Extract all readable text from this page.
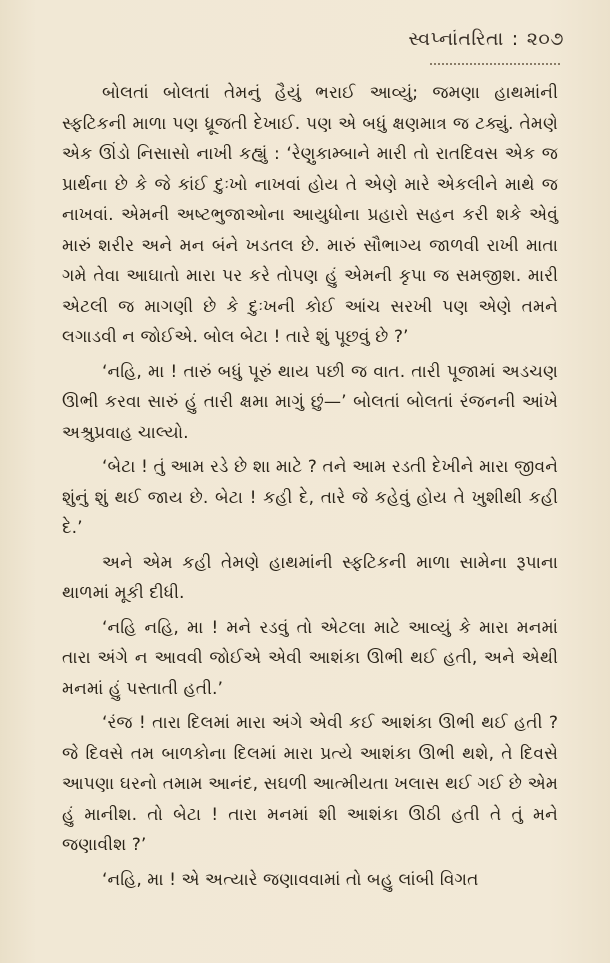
સ્વપ્નાંતરિતા : ૨૦૭

બોલતાં બોલતાં તેમનું હૈયું ભરાઈ આવ્યું; જમણા હાથમાંની સ્ફટિકની માળા પણ ધ્રૂજતી દેખાઈ. પણ એ બધું ક્ષણમાત્ર જ ટક્યું. તેમણે એક ઊંડો નિસાસો નાખી કહ્યું : ‘રેણુકામ્બાને મારી તો રાતદિવસ એક જ પ્રાર્થના છે કે જે કાંઈ દુઃખો નાખવાં હોય તે એણે મારે એકલીને માથે જ નાખવાં. એમની અષ્ટભુજાઓના આયુધોના પ્રહારો સહન કરી શકે એવું મારું શરીર અને મન બંને ખડતલ છે. મારું સૌભાગ્ય જાળવી રાખી માતા ગમે તેવા આઘાતો મારા પર કરે તોપણ હું એમની કૃપા જ સમજીશ. મારી એટલી જ માગણી છે કે દુઃખની કોઈ આંચ સરખી પણ એણે તમને લગાડવી ન જોઈએ. બોલ બેટા ! તારે શું પૂછવું છે ?’

‘નહિ, મા ! તારું બધું પૂરું થાય પછી જ વાત. તારી પૂજામાં અડચણ ઊભી કરવા સારું હું તારી ક્ષમા માગું છું—’ બોલતાં બોલતાં રંજનની આંખે અશ્રુપ્રવાહ ચાલ્યો.

‘બેટા ! તું આમ રડે છે શા માટે ? તને આમ રડતી દેખીને મારા જીવને શુંનું શું થઈ જાય છે. બેટા ! કહી દે, તારે જે કહેવું હોય તે ખુશીથી કહી દે.’

અને એમ કહી તેમણે હાથમાંની સ્ફટિકની માળા સામેના રૂપાના થાળમાં મૂકી દીધી.

‘નહિ નહિ, મા ! મને રડવું તો એટલા માટે આવ્યું કે મારા મનમાં તારા અંગે ન આવવી જોઈએ એવી આશંકા ઊભી થઈ હતી, અને એથી મનમાં હું પસ્તાતી હતી.’

‘રંજ ! તારા દિલમાં મારા અંગે એવી કઈ આશંકા ઊભી થઈ હતી ? જે દિવસે તમ બાળકોના દિલમાં મારા પ્રત્યે આશંકા ઊભી થશે, તે દિવસે આપણા ઘરનો તમામ આનંદ, સઘળી આત્મીયતા ખલાસ થઈ ગઈ છે એમ હું માનીશ. તો બેટા ! તારા મનમાં શી આશંકા ઊઠી હતી તે તું મને જણાવીશ ?’

‘નહિ, મા ! એ અત્યારે જણાવવામાં તો બહુ લાંબી વિગત
